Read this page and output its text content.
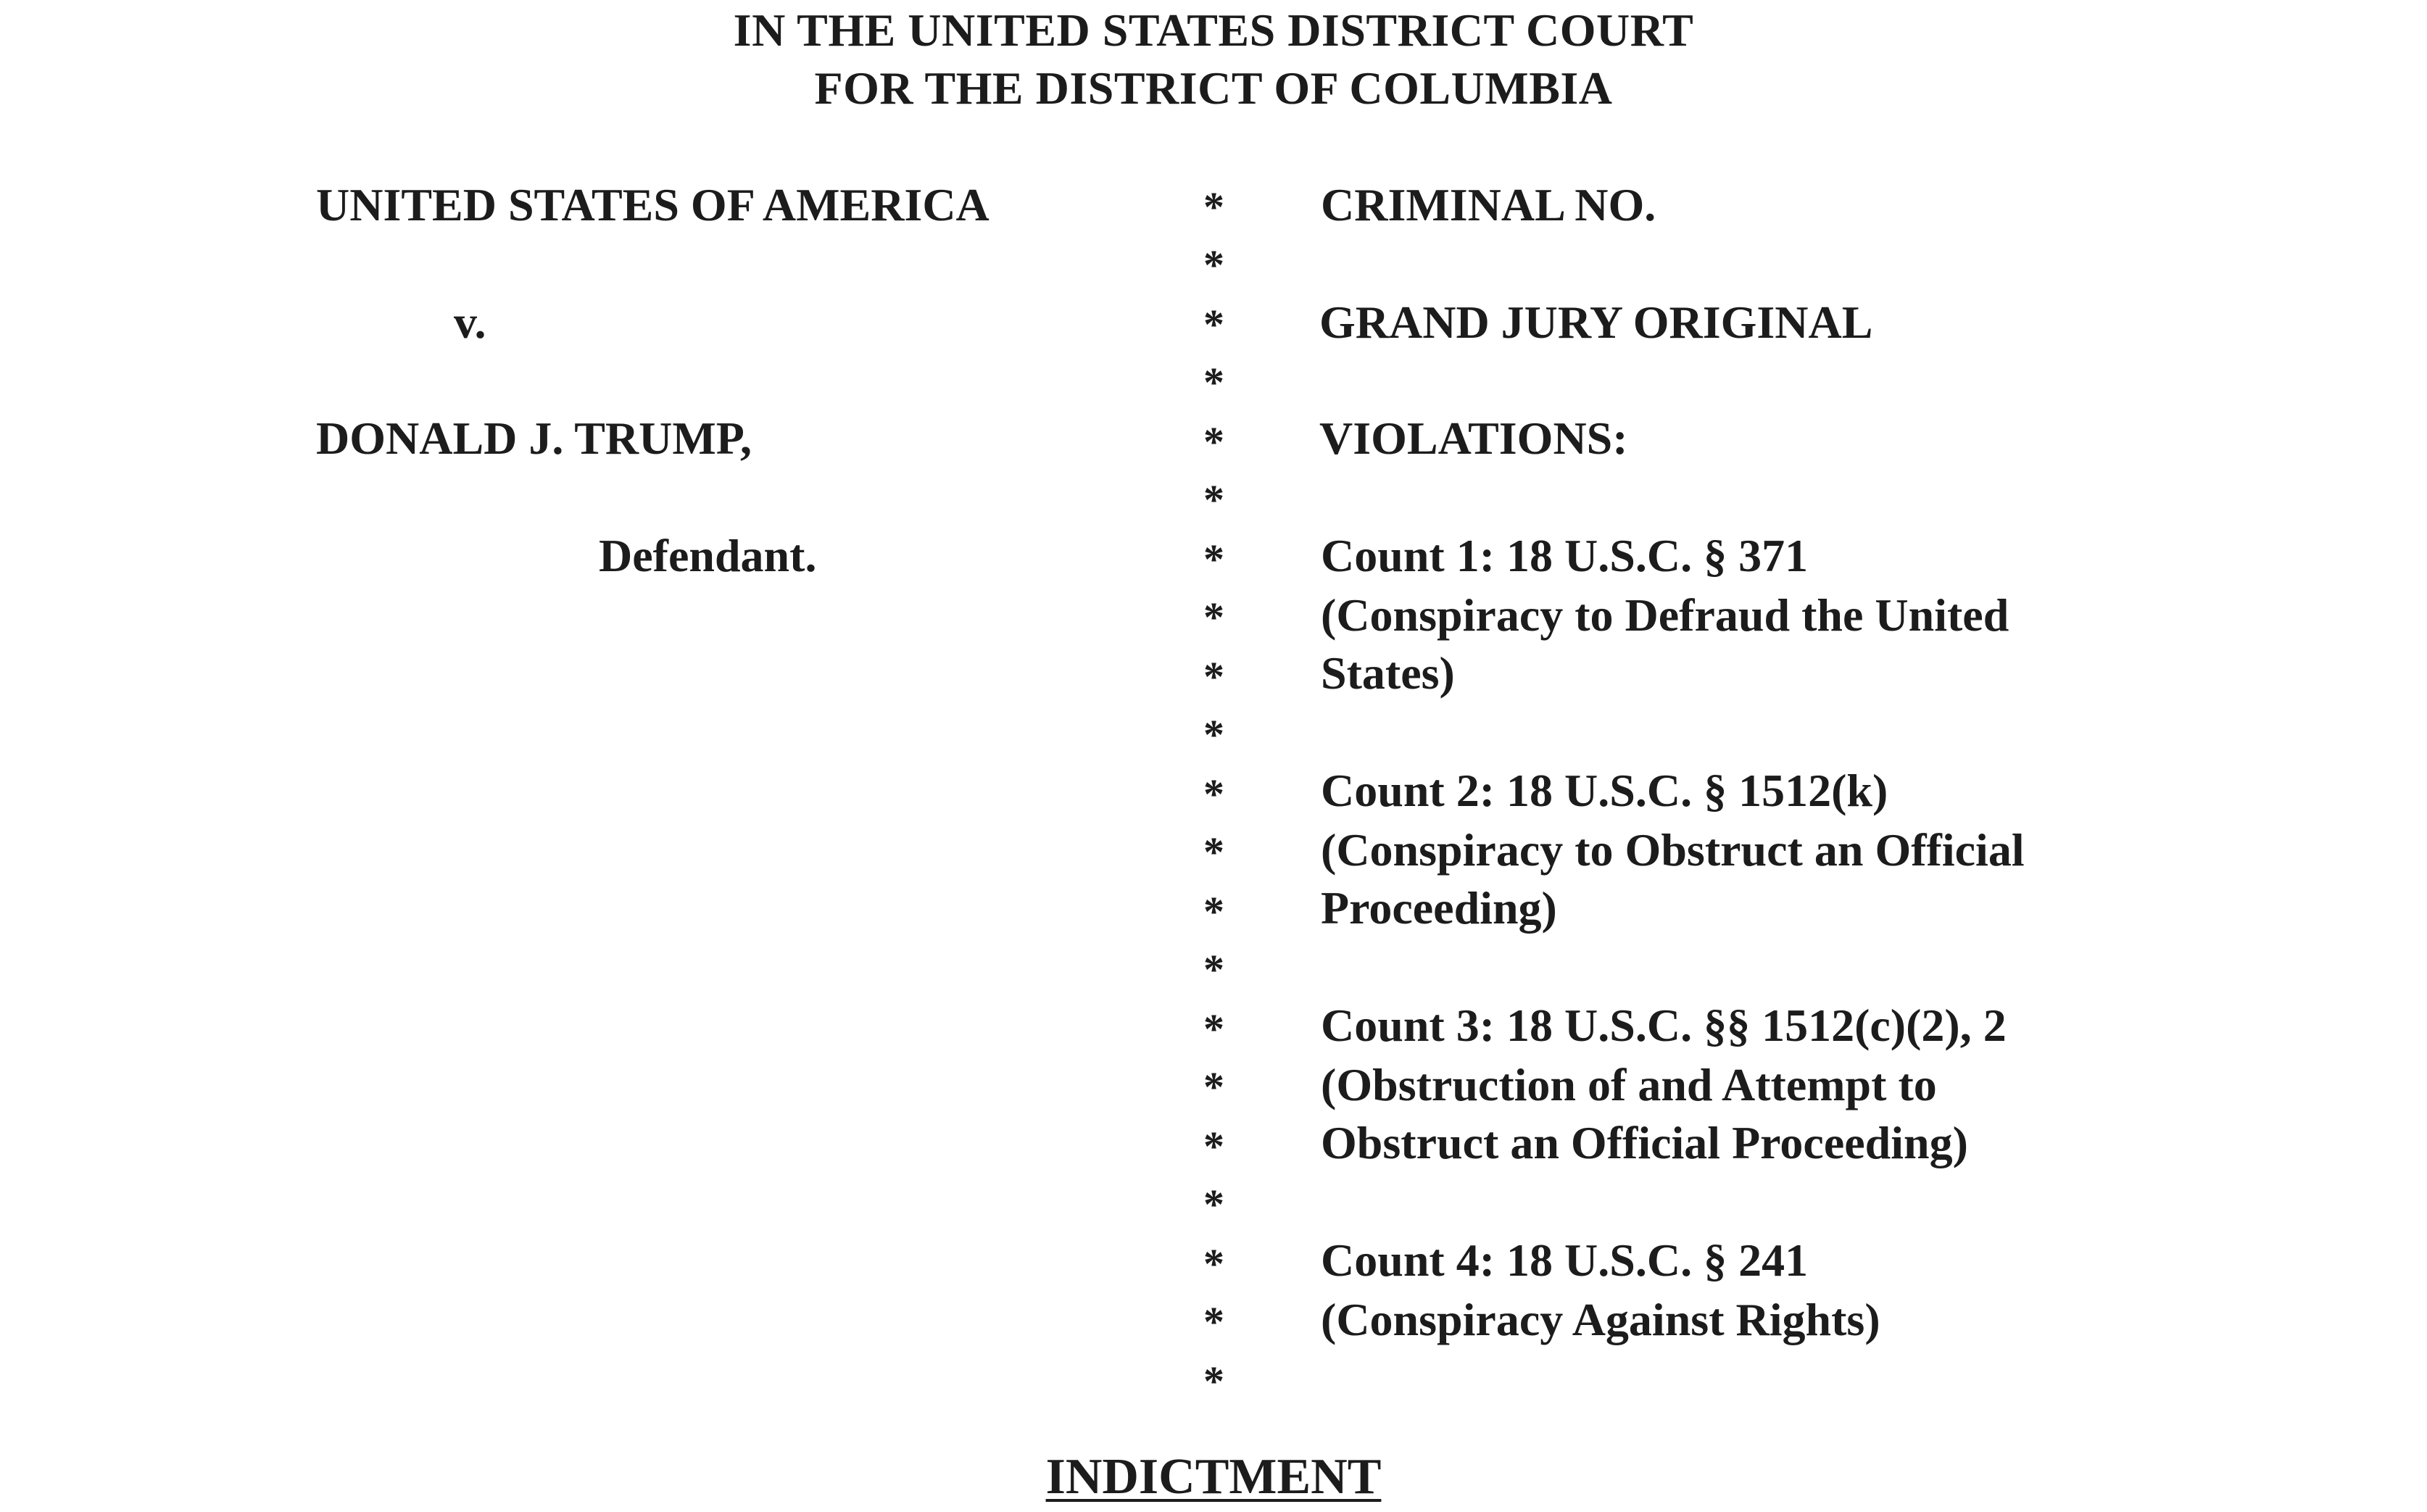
IN THE UNITED STATES DISTRICT COURT
FOR THE DISTRICT OF COLUMBIA
UNITED STATES OF AMERICA
v.
DONALD J. TRUMP,
Defendant.
*
*
*
*
*
*
*
*
*
*
*
*
*
*
*
*
*
*
*
*
*
CRIMINAL NO.
GRAND JURY ORIGINAL
VIOLATIONS:
Count 1: 18 U.S.C. § 371
(Conspiracy to Defraud the United
States)
Count 2: 18 U.S.C. § 1512(k)
(Conspiracy to Obstruct an Official
Proceeding)
Count 3: 18 U.S.C. §§ 1512(c)(2), 2
(Obstruction of and Attempt to
Obstruct an Official Proceeding)
Count 4: 18 U.S.C. § 241
(Conspiracy Against Rights)
INDICTMENT
